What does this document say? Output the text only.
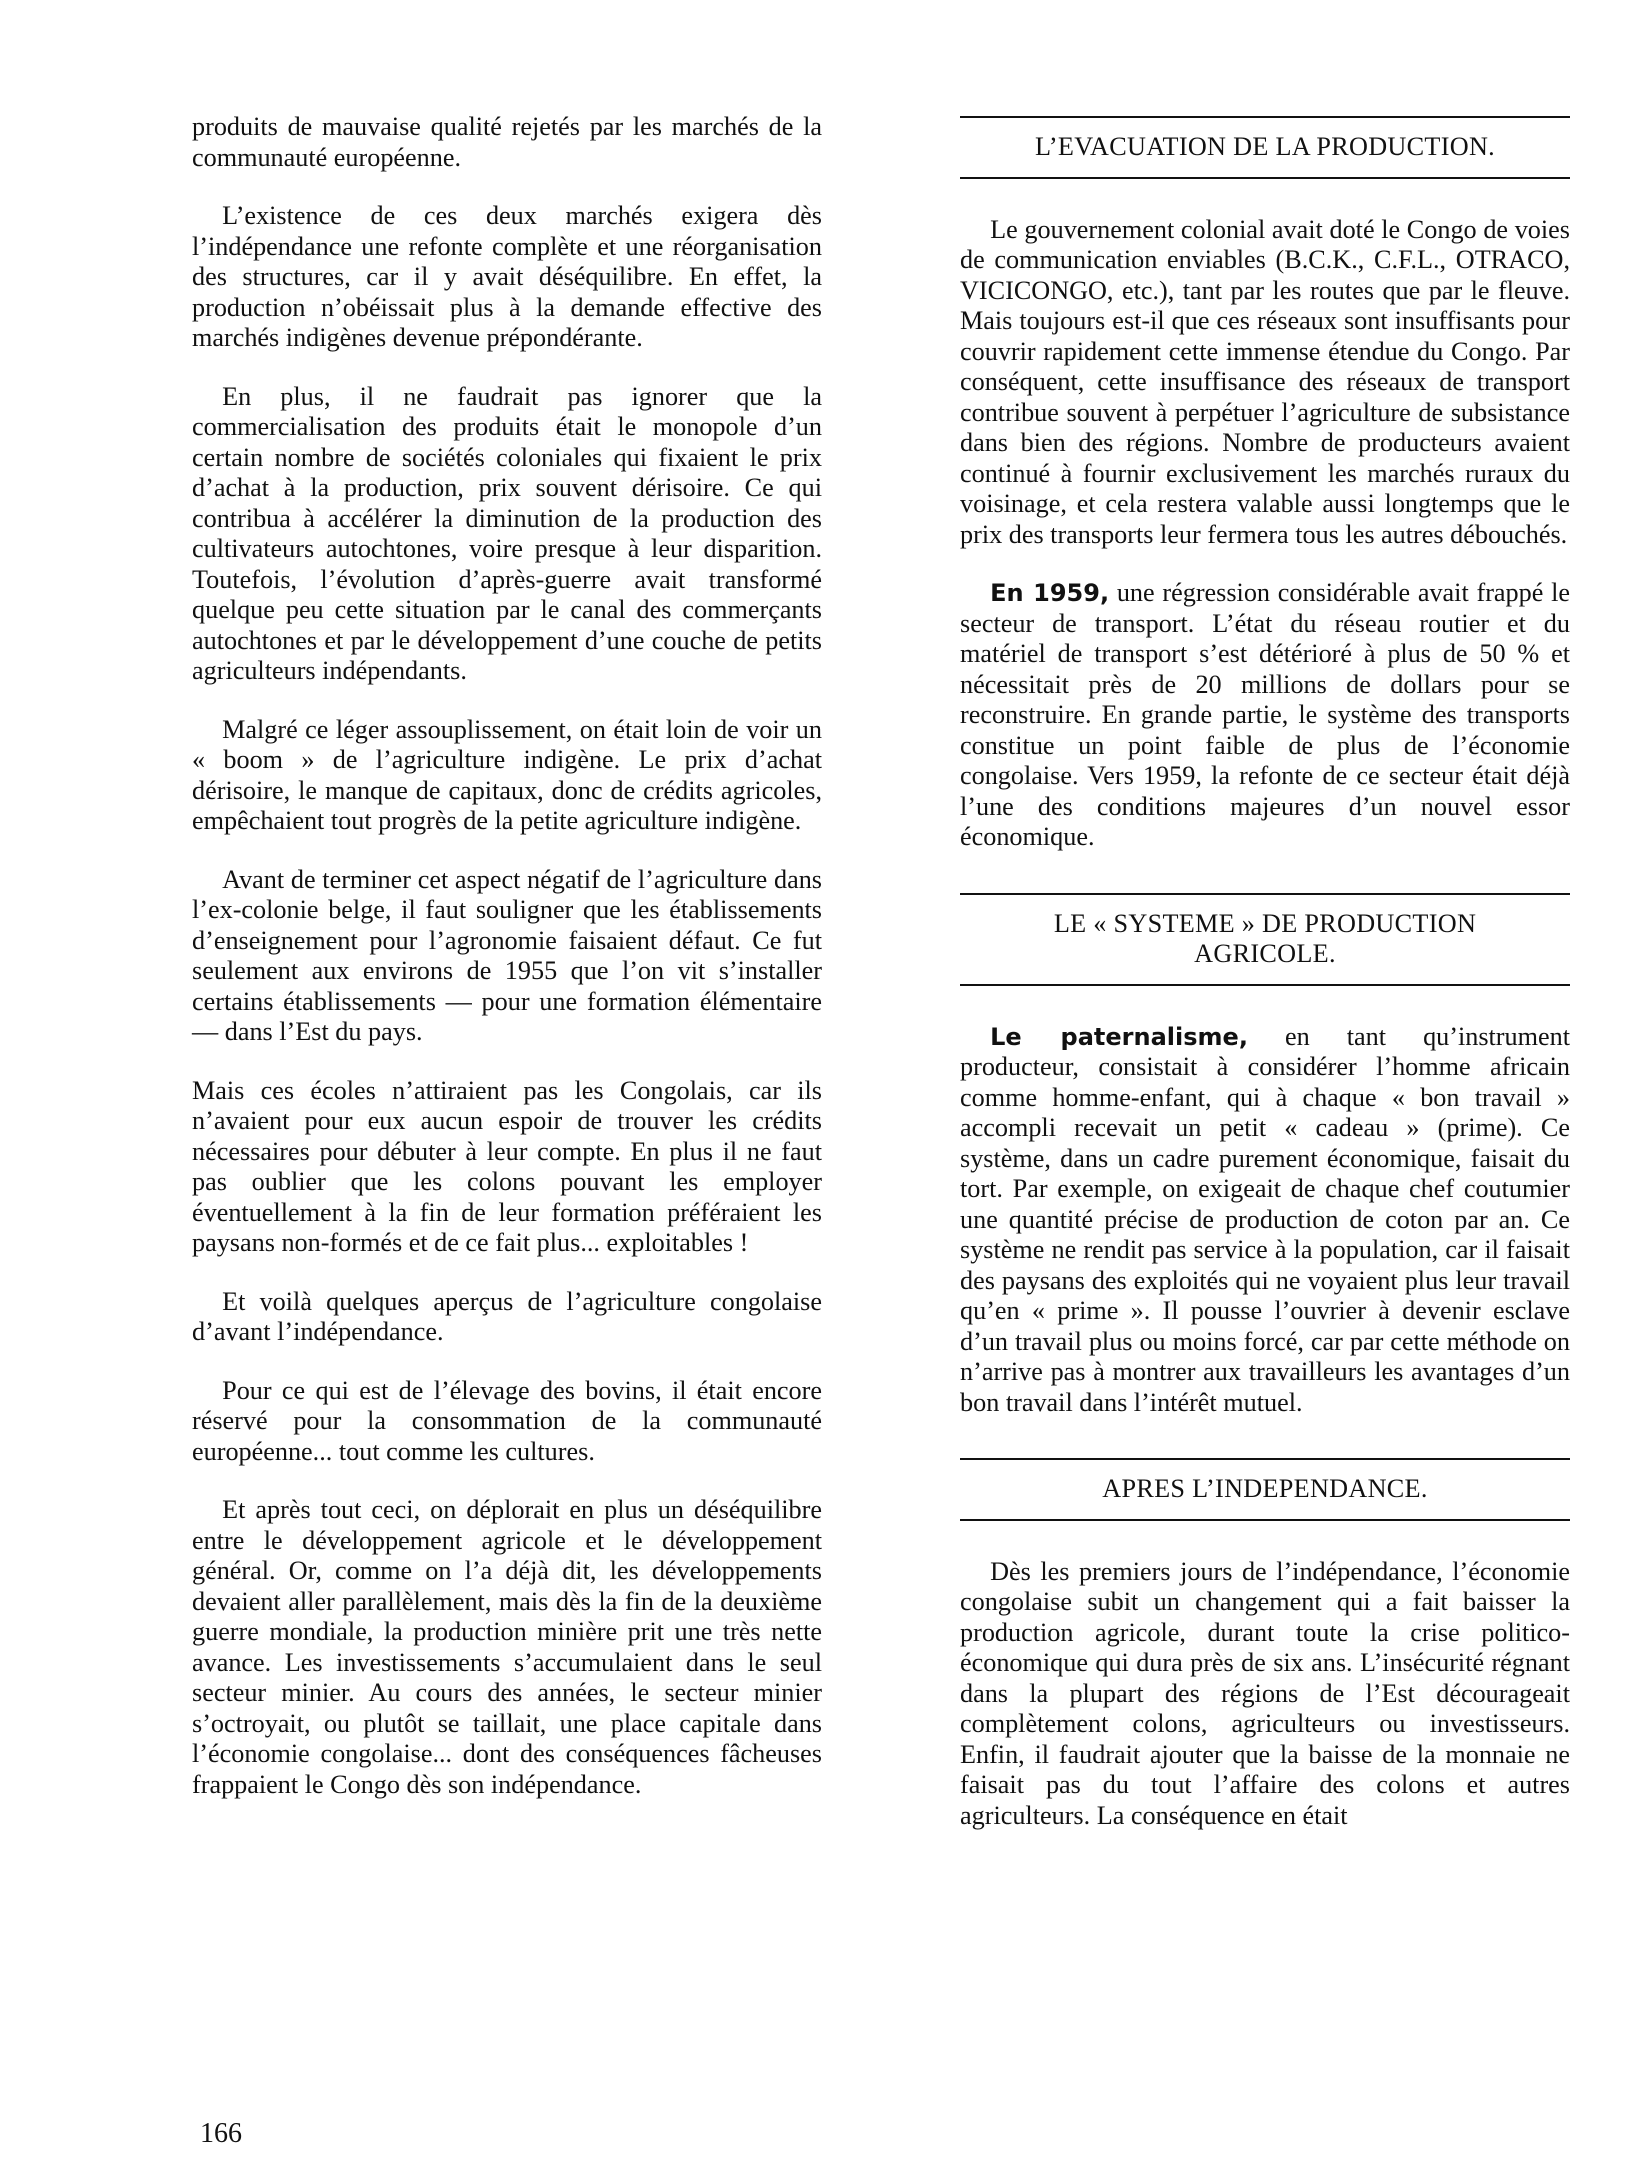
produits de mauvaise qualité rejetés par les marchés de la communauté européenne.

L’existence de ces deux marchés exigera dès l’indépendance une refonte complète et une réorganisation des structures, car il y avait déséquilibre. En effet, la production n’obéissait plus à la demande effective des marchés indigènes devenue prépondérante.

En plus, il ne faudrait pas ignorer que la commercialisation des produits était le monopole d’un certain nombre de sociétés coloniales qui fixaient le prix d’achat à la production, prix souvent dérisoire. Ce qui contribua à accélérer la diminution de la production des cultivateurs autochtones, voire presque à leur disparition. Toutefois, l’évolution d’après-guerre avait transformé quelque peu cette situation par le canal des commerçants autochtones et par le développement d’une couche de petits agriculteurs indépendants.

Malgré ce léger assouplissement, on était loin de voir un « boom » de l’agriculture indigène. Le prix d’achat dérisoire, le manque de capitaux, donc de crédits agricoles, empêchaient tout progrès de la petite agriculture indigène.

Avant de terminer cet aspect négatif de l’agriculture dans l’ex-colonie belge, il faut souligner que les établissements d’enseignement pour l’agronomie faisaient défaut. Ce fut seulement aux environs de 1955 que l’on vit s’installer certains établissements — pour une formation élémentaire — dans l’Est du pays.

Mais ces écoles n’attiraient pas les Congolais, car ils n’avaient pour eux aucun espoir de trouver les crédits nécessaires pour débuter à leur compte. En plus il ne faut pas oublier que les colons pouvant les employer éventuellement à la fin de leur formation préféraient les paysans non-formés et de ce fait plus... exploitables !

Et voilà quelques aperçus de l’agriculture congolaise d’avant l’indépendance.

Pour ce qui est de l’élevage des bovins, il était encore réservé pour la consommation de la communauté européenne... tout comme les cultures.

Et après tout ceci, on déplorait en plus un déséquilibre entre le développement agricole et le développement général. Or, comme on l’a déjà dit, les développements devaient aller parallèlement, mais dès la fin de la deuxième guerre mondiale, la production minière prit une très nette avance. Les investissements s’accumulaient dans le seul secteur minier. Au cours des années, le secteur minier s’octroyait, ou plutôt se taillait, une place capitale dans l’économie congolaise... dont des conséquences fâcheuses frappaient le Congo dès son indépendance.

L’EVACUATION DE LA PRODUCTION.

Le gouvernement colonial avait doté le Congo de voies de communication enviables (B.C.K., C.F.L., OTRACO, VICICONGO, etc.), tant par les routes que par le fleuve. Mais toujours est-il que ces réseaux sont insuffisants pour couvrir rapidement cette immense étendue du Congo. Par conséquent, cette insuffisance des réseaux de transport contribue souvent à perpétuer l’agriculture de subsistance dans bien des régions. Nombre de producteurs avaient continué à fournir exclusivement les marchés ruraux du voisinage, et cela restera valable aussi longtemps que le prix des transports leur fermera tous les autres débouchés.

En 1959, une régression considérable avait frappé le secteur de transport. L’état du réseau routier et du matériel de transport s’est détérioré à plus de 50 % et nécessitait près de 20 millions de dollars pour se reconstruire. En grande partie, le système des transports constitue un point faible de plus de l’économie congolaise. Vers 1959, la refonte de ce secteur était déjà l’une des conditions majeures d’un nouvel essor économique.

LE « SYSTEME » DE PRODUCTION
AGRICOLE.

Le paternalisme, en tant qu’instrument producteur, consistait à considérer l’homme africain comme homme-enfant, qui à chaque « bon travail » accompli recevait un petit « cadeau » (prime). Ce système, dans un cadre purement économique, faisait du tort. Par exemple, on exigeait de chaque chef coutumier une quantité précise de production de coton par an. Ce système ne rendit pas service à la population, car il faisait des paysans des exploités qui ne voyaient plus leur travail qu’en « prime ». Il pousse l’ouvrier à devenir esclave d’un travail plus ou moins forcé, car par cette méthode on n’arrive pas à montrer aux travailleurs les avantages d’un bon travail dans l’intérêt mutuel.

APRES L’INDEPENDANCE.

Dès les premiers jours de l’indépendance, l’économie congolaise subit un changement qui a fait baisser la production agricole, durant toute la crise politico-économique qui dura près de six ans. L’insécurité régnant dans la plupart des régions de l’Est décourageait complètement colons, agriculteurs ou investisseurs. Enfin, il faudrait ajouter que la baisse de la monnaie ne faisait pas du tout l’affaire des colons et autres agriculteurs. La conséquence en était

166
